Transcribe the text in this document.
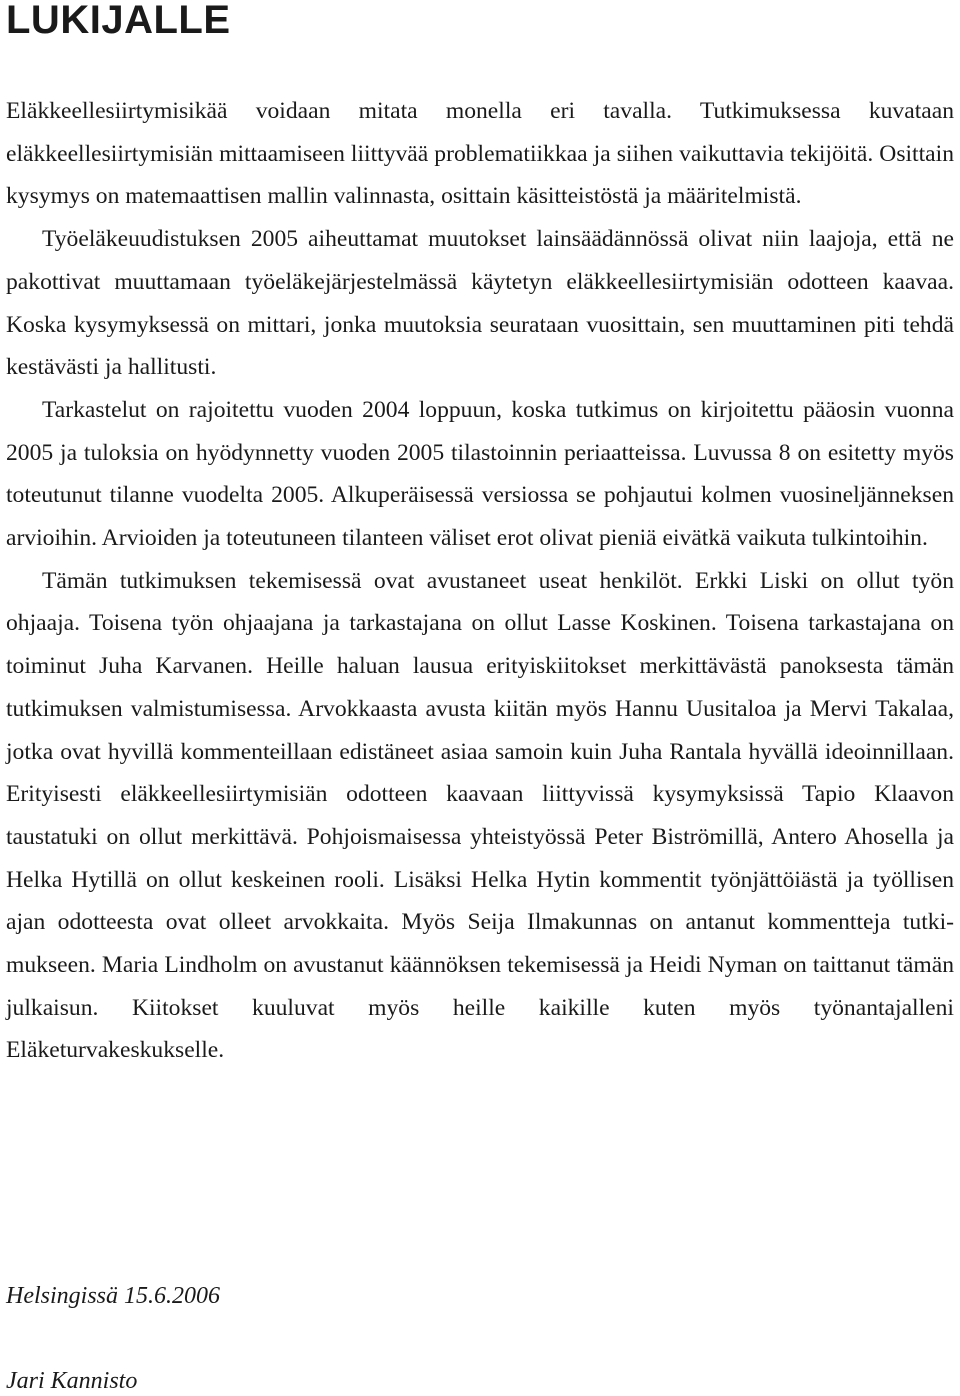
LUKIJALLE

Eläkkeellesiirtymisikää voidaan mitata monella eri tavalla. Tutkimuksessa kuvataan eläkkeellesiirtymisiän mittaamiseen liittyvää problematiikkaa ja siihen vaikuttavia tekijöitä. Osittain kysymys on matemaattisen mallin valinnasta, osittain käsitteistöstä ja määritelmistä.

Työeläkeuudistuksen 2005 aiheuttamat muutokset lainsäädännössä olivat niin laajoja, että ne pakottivat muuttamaan työeläkejärjestelmässä käytetyn eläkkeellesiirtymisiän odotteen kaavaa. Koska kysymyksessä on mittari, jonka muutoksia seurataan vuosittain, sen muuttaminen piti tehdä kestävästi ja hallitusti.

Tarkastelut on rajoitettu vuoden 2004 loppuun, koska tutkimus on kirjoitettu pääosin vuonna 2005 ja tuloksia on hyödynnetty vuoden 2005 tilastoinnin periaatteissa. Luvussa 8 on esitetty myös toteutunut tilanne vuodelta 2005. Alkuperäisessä versiossa se pohjautui kolmen vuosineljänneksen arvioihin. Arvioiden ja toteutuneen tilanteen väliset erot olivat pieniä eivätkä vaikuta tulkintoihin.

Tämän tutkimuksen tekemisessä ovat avustaneet useat henkilöt. Erkki Liski on ollut työn ohjaaja. Toisena työn ohjaajana ja tarkastajana on ollut Lasse Koskinen. Toisena tarkastajana on toiminut Juha Karvanen. Heille haluan lausua erityiskiitokset merkittävästä panoksesta tämän tutkimuksen valmistumisessa. Arvokkaasta avusta kiitän myös Hannu Uusitaloa ja Mervi Takalaa, jotka ovat hyvillä kommenteillaan edistäneet asiaa samoin kuin Juha Rantala hyvällä ideoinnillaan. Erityisesti eläkkeellesiirtymisiän odotteen kaavaan liittyvissä kysymyksissä Tapio Klaavon taustatuki on ollut merkittävä. Pohjoismaisessa yhteistyössä Peter Biströmillä, Antero Ahosella ja Helka Hytillä on ollut keskeinen rooli. Lisäksi Helka Hytin kommentit työnjättöiästä ja työllisen ajan odotteesta ovat olleet arvokkaita. Myös Seija Ilmakunnas on antanut kommentteja tutkimukseen. Maria Lindholm on avustanut käännöksen tekemisessä ja Heidi Nyman on taittanut tämän julkaisun. Kiitokset kuuluvat myös heille kaikille kuten myös työnantajalleni Eläketurvakeskukselle.

Helsingissä 15.6.2006

Jari Kannisto
